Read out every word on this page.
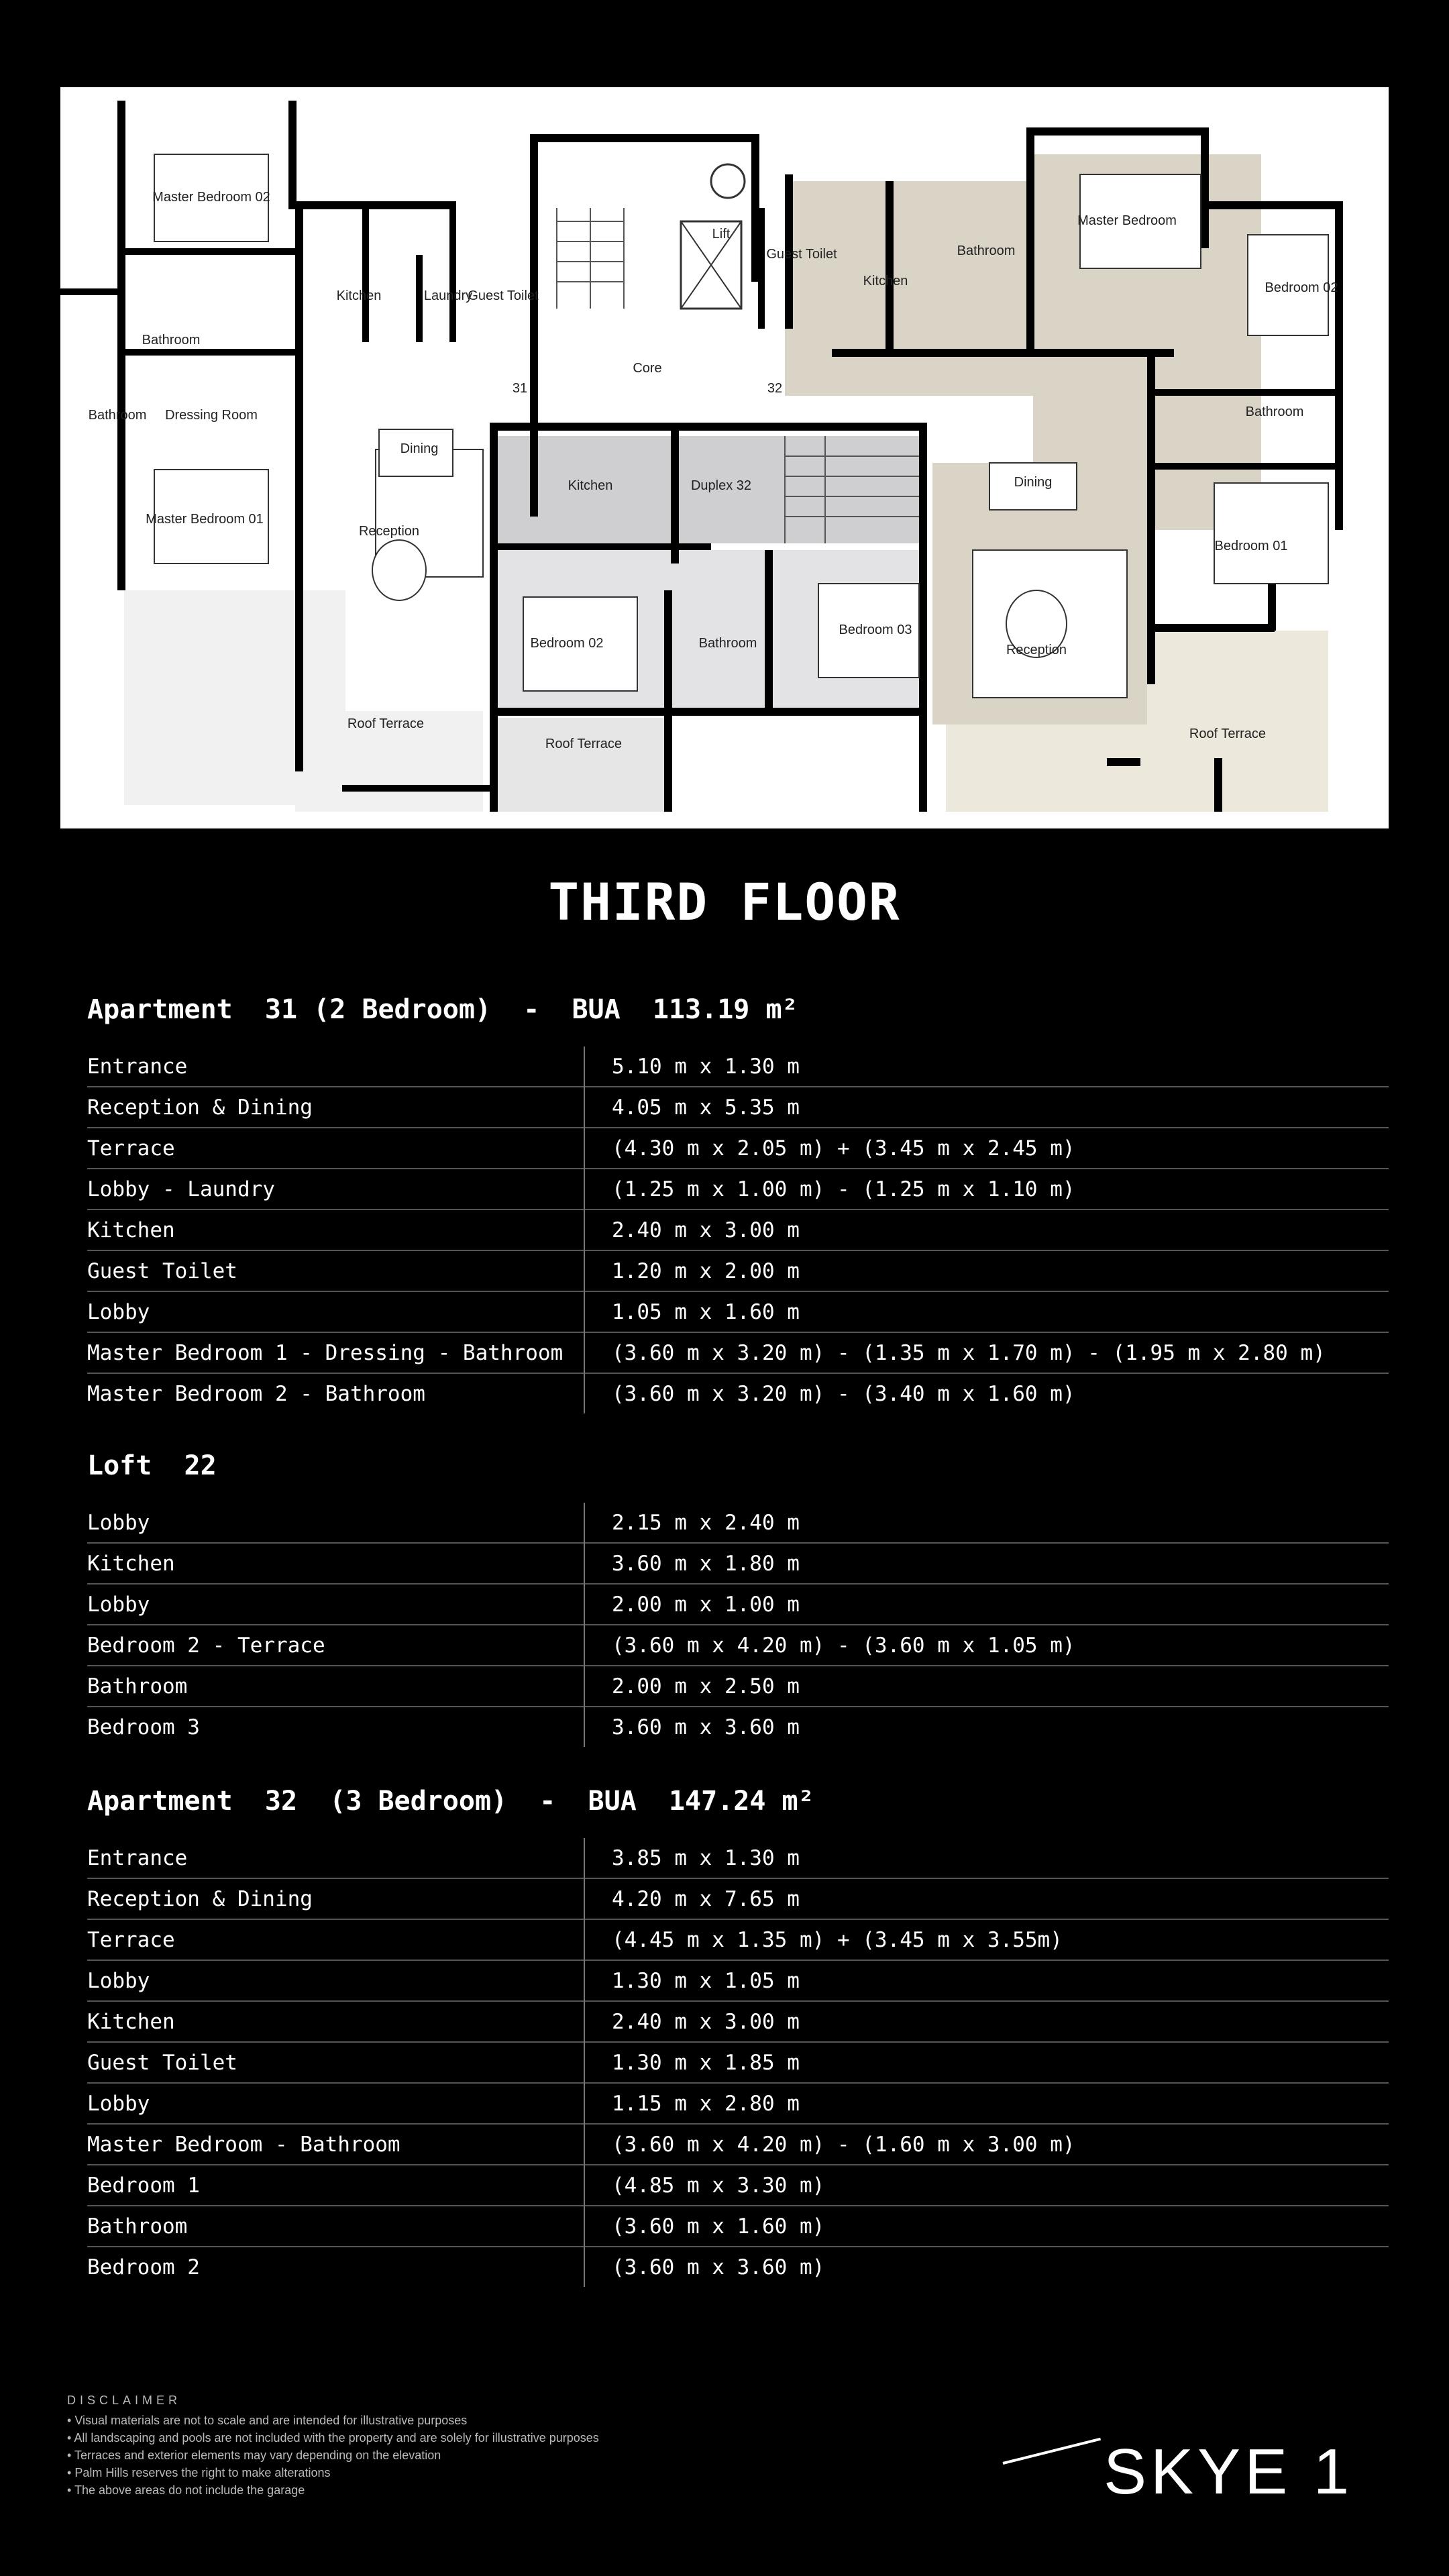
Master Bedroom 02
Bathroom
Bathroom Dressing Room
Master Bedroom 01
Kitchen	Laundry
Guest Toilet
Dining
Reception
Roof Terrace
31
Core
Lift
32
Kitchen	Duplex 32
Bedroom 02	Bathroom
Bedroom 03
Roof Terrace
Guest Toilet
Kitchen
Bathroom
Master Bedroom
Bedroom 02
Bathroom
Bedroom 01
Dining
Reception
Roof Terrace
THIRD FLOOR
Apartment  31 (2 Bedroom)  -  BUA  113.19 m²
Entrance	5.10 m x 1.30 m
Reception & Dining	4.05 m x 5.35 m
Terrace	(4.30 m x 2.05 m) + (3.45 m x 2.45 m)
Lobby - Laundry	(1.25 m x 1.00 m) - (1.25 m x 1.10 m)
Kitchen	2.40 m x 3.00 m
Guest Toilet	1.20 m x 2.00 m
Lobby	1.05 m x 1.60 m
Master Bedroom 1 - Dressing - Bathroom	(3.60 m x 3.20 m) - (1.35 m x 1.70 m) - (1.95 m x 2.80 m)
Master Bedroom 2 - Bathroom	(3.60 m x 3.20 m) - (3.40 m x 1.60 m)
Loft  22
Lobby	2.15 m x 2.40 m
Kitchen	3.60 m x 1.80 m
Lobby	2.00 m x 1.00 m
Bedroom 2 - Terrace	(3.60 m x 4.20 m) - (3.60 m x 1.05 m)
Bathroom	2.00 m x 2.50 m
Bedroom 3	3.60 m x 3.60 m
Apartment  32  (3 Bedroom)  -  BUA  147.24 m²
Entrance	3.85 m x 1.30 m
Reception & Dining	4.20 m x 7.65 m
Terrace	(4.45 m x 1.35 m) + (3.45 m x 3.55m)
Lobby	1.30 m x 1.05 m
Kitchen	2.40 m x 3.00 m
Guest Toilet	1.30 m x 1.85 m
Lobby	1.15 m x 2.80 m
Master Bedroom - Bathroom	(3.60 m x 4.20 m) - (1.60 m x 3.00 m)
Bedroom 1	(4.85 m x 3.30 m)
Bathroom	(3.60 m x 1.60 m)
Bedroom 2	(3.60 m x 3.60 m)
DISCLAIMER
• Visual materials are not to scale and are intended for illustrative purposes
• All landscaping and pools are not included with the property and are solely for illustrative purposes
• Terraces and exterior elements may vary depending on the elevation
• Palm Hills reserves the right to make alterations
• The above areas do not include the garage	SKYE 1
